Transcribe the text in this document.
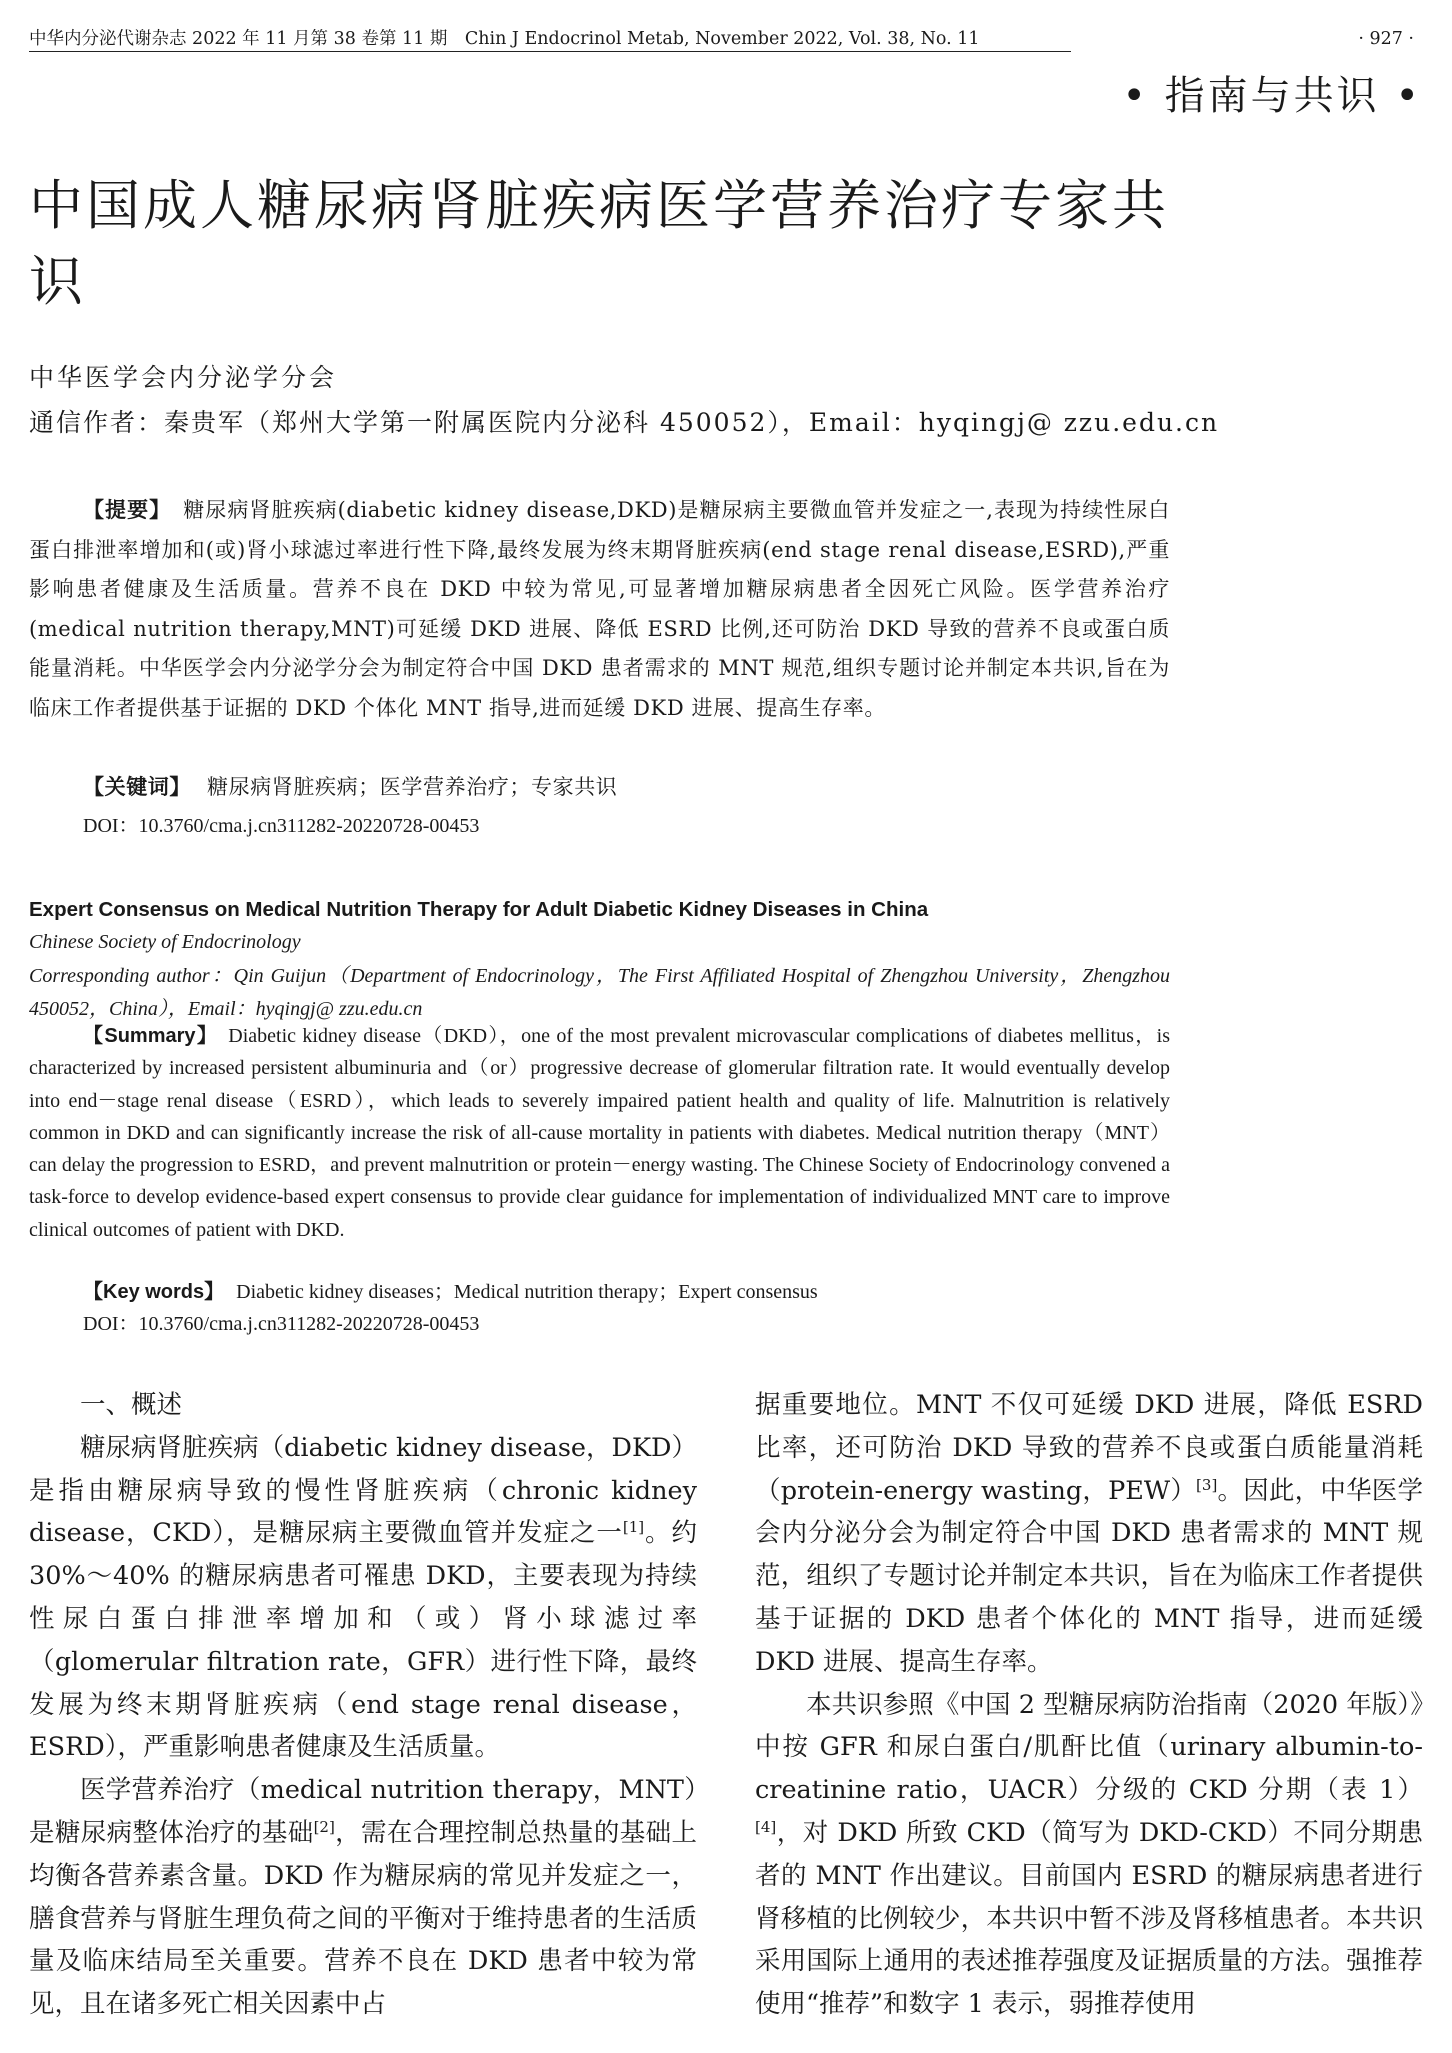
中华内分泌代谢杂志 2022 年 11 月第 38 卷第 11 期　Chin J Endocrinol Metab, November 2022, Vol. 38, No. 11	· 927 ·
• 指南与共识 •
中国成人糖尿病肾脏疾病医学营养治疗专家共识
中华医学会内分泌学分会
通信作者：秦贵军（郑州大学第一附属医院内分泌科 450052），Email：hyqingj@ zzu.edu.cn
【提要】 糖尿病肾脏疾病(diabetic kidney disease,DKD)是糖尿病主要微血管并发症之一,表现为持续性尿白蛋白排泄率增加和(或)肾小球滤过率进行性下降,最终发展为终末期肾脏疾病(end stage renal disease,ESRD),严重影响患者健康及生活质量。营养不良在 DKD 中较为常见,可显著增加糖尿病患者全因死亡风险。医学营养治疗(medical nutrition therapy,MNT)可延缓 DKD 进展、降低 ESRD 比例,还可防治 DKD 导致的营养不良或蛋白质能量消耗。中华医学会内分泌学分会为制定符合中国 DKD 患者需求的 MNT 规范,组织专题讨论并制定本共识,旨在为临床工作者提供基于证据的 DKD 个体化 MNT 指导,进而延缓 DKD 进展、提高生存率。
【关键词】 糖尿病肾脏疾病；医学营养治疗；专家共识
DOI：10.3760/cma.j.cn311282-20220728-00453
Expert Consensus on Medical Nutrition Therapy for Adult Diabetic Kidney Diseases in China
Chinese Society of Endocrinology
Corresponding author：Qin Guijun（Department of Endocrinology，The First Affiliated Hospital of Zhengzhou University，Zhengzhou 450052，China），Email：hyqingj@ zzu.edu.cn
【Summary】 Diabetic kidney disease（DKD），one of the most prevalent microvascular complications of diabetes mellitus，is characterized by increased persistent albuminuria and（or）progressive decrease of glomerular filtration rate. It would eventually develop into end－stage renal disease（ESRD），which leads to severely impaired patient health and quality of life. Malnutrition is relatively common in DKD and can significantly increase the risk of all-cause mortality in patients with diabetes. Medical nutrition therapy（MNT）can delay the progression to ESRD，and prevent malnutrition or protein－energy wasting. The Chinese Society of Endocrinology convened a task-force to develop evidence-based expert consensus to provide clear guidance for implementation of individualized MNT care to improve clinical outcomes of patient with DKD.
【Key words】 Diabetic kidney diseases；Medical nutrition therapy；Expert consensus
DOI：10.3760/cma.j.cn311282-20220728-00453
一、概述

糖尿病肾脏疾病（diabetic kidney disease，DKD）是指由糖尿病导致的慢性肾脏疾病（chronic kidney disease，CKD），是糖尿病主要微血管并发症之一[1]。约 30%～40% 的糖尿病患者可罹患 DKD，主要表现为持续性尿白蛋白排泄率增加和（或）肾小球滤过率（glomerular filtration rate，GFR）进行性下降，最终发展为终末期肾脏疾病（end stage renal disease，ESRD），严重影响患者健康及生活质量。

医学营养治疗（medical nutrition therapy，MNT）是糖尿病整体治疗的基础[2]，需在合理控制总热量的基础上均衡各营养素含量。DKD 作为糖尿病的常见并发症之一，膳食营养与肾脏生理负荷之间的平衡对于维持患者的生活质量及临床结局至关重要。营养不良在 DKD 患者中较为常见，且在诸多死亡相关因素中占

据重要地位。MNT 不仅可延缓 DKD 进展，降低 ESRD 比率，还可防治 DKD 导致的营养不良或蛋白质能量消耗（protein-energy wasting，PEW）[3]。因此，中华医学会内分泌分会为制定符合中国 DKD 患者需求的 MNT 规范，组织了专题讨论并制定本共识，旨在为临床工作者提供基于证据的 DKD 患者个体化的 MNT 指导，进而延缓 DKD 进展、提高生存率。

本共识参照《中国 2 型糖尿病防治指南（2020 年版）》中按 GFR 和尿白蛋白/肌酐比值（urinary albumin-to-creatinine ratio，UACR）分级的 CKD 分期（表 1）[4]，对 DKD 所致 CKD（简写为 DKD-CKD）不同分期患者的 MNT 作出建议。目前国内 ESRD 的糖尿病患者进行肾移植的比例较少，本共识中暂不涉及肾移植患者。本共识采用国际上通用的表述推荐强度及证据质量的方法。强推荐使用“推荐”和数字 1 表示，弱推荐使用
